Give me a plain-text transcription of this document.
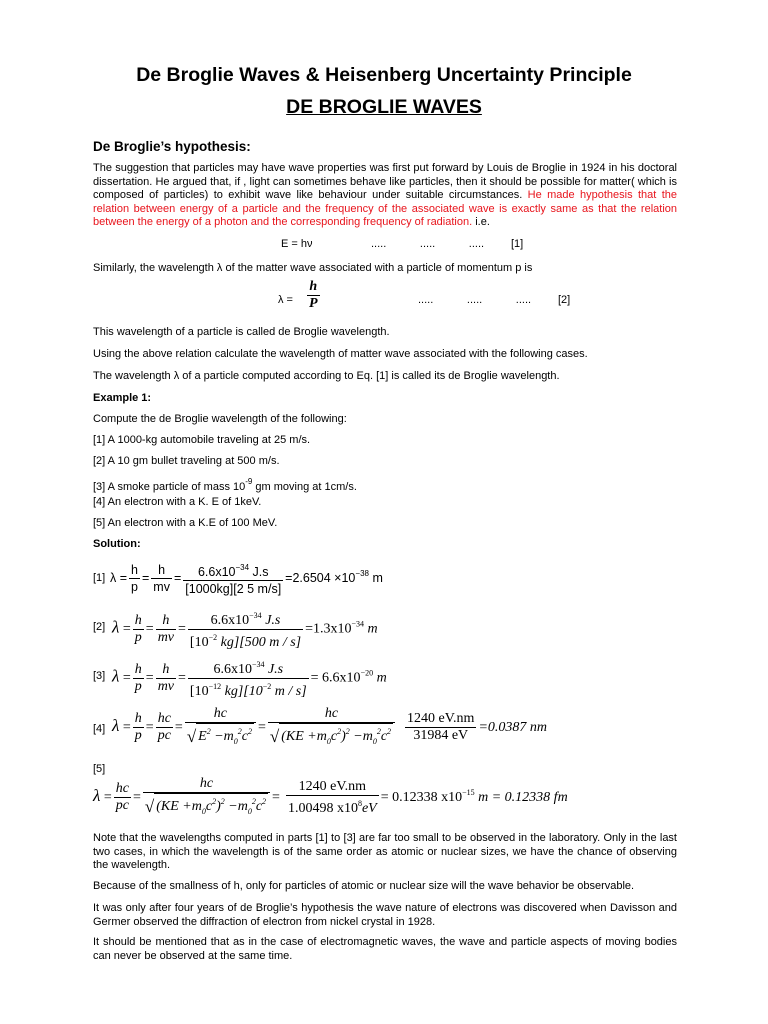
De Broglie Waves & Heisenberg Uncertainty Principle
DE BROGLIE WAVES
De Broglie’s hypothesis:
The suggestion that particles may have wave properties was first put forward by Louis de Broglie in 1924 in his doctoral dissertation. He argued that, if , light can sometimes behave like particles, then it should be possible for matter( which is composed of particles) to exhibit wave like behaviour under suitable circumstances. He made hypothesis that the relation between energy of a particle and the frequency of the associated wave is exactly same as that the relation between the energy of a photon and the corresponding frequency of radiation. i.e.
E = hν	.....           .....           ..... [1]
Similarly, the wavelength λ of the matter wave associated with a particle of momentum p is
$\lambda = \frac{h}{P}$	.....           .....           ..... [2]
This wavelength of a particle is called de Broglie wavelength.
Using the above relation calculate the wavelength of matter wave associated with the following cases.
The wavelength λ of a particle computed according to Eq. [1] is called its de Broglie wavelength.
Example 1:
Compute the de Broglie wavelength of the following:
[1] A 1000-kg automobile traveling at 25 m/s.
[2] A 10 gm bullet traveling at 500 m/s.
[3] A smoke particle of mass $10^{-9}$ gm moving at 1cm/s.
[4] An electron with a K. E of 1keV.
[5] An electron with a K.E of 100 MeV.
Solution:
[1] $\lambda = \frac{h}{p} = \frac{h}{mv} = \frac{6.6x10^{-34} J.s}{[1000kg][2 5 m/s]} =2.6504 \times 10^{-38}$ m
[2] $\lambda = \frac{h}{p} = \frac{h}{mv} = \frac{6.6x10^{-34} J.s}{[10^{-2} kg][500 m / s]} =1.3x10^{-34}$ m
[3] $\lambda = \frac{h}{p} = \frac{h}{mv} = \frac{6.6x10^{-34} J.s}{[10^{-12} kg][10^{-2} m / s]} = 6.6x10^{-20}$ m
[4] $\lambda = \frac{h}{p} = \frac{hc}{pc} = \frac{hc}{√ E^2 -m_0^2c^2} = \frac{hc}{√ (KE +m_0c^2)^2 -m_0^2c^2} \frac{1240 eV.nm}{31984 eV} =0.0387$ nm
[5]
$\lambda = \frac{hc}{pc} = \frac{hc}{√ (KE +m_0c^2)^2 -m_0^2c^2} = \frac{1240 eV.nm}{1.00498 x10^8eV} = 0.12338$ $x10^{-15}$ m = 0.12338 fm
Note that the wavelengths computed in parts [1] to [3] are far too small to be observed in the laboratory. Only in the last two cases, in which the wavelength is of the same order as atomic or nuclear sizes, we have the chance of observing the wavelength.
Because of the smallness of h, only for particles of atomic or nuclear size will the wave behavior be observable.
It was only after four years of de Broglie’s hypothesis the wave nature of electrons was discovered when Davisson and Germer observed the diffraction of electron from nickel crystal in 1928.
It should be mentioned that as in the case of electromagnetic waves, the wave and particle aspects of moving bodies can never be observed at the same time.
